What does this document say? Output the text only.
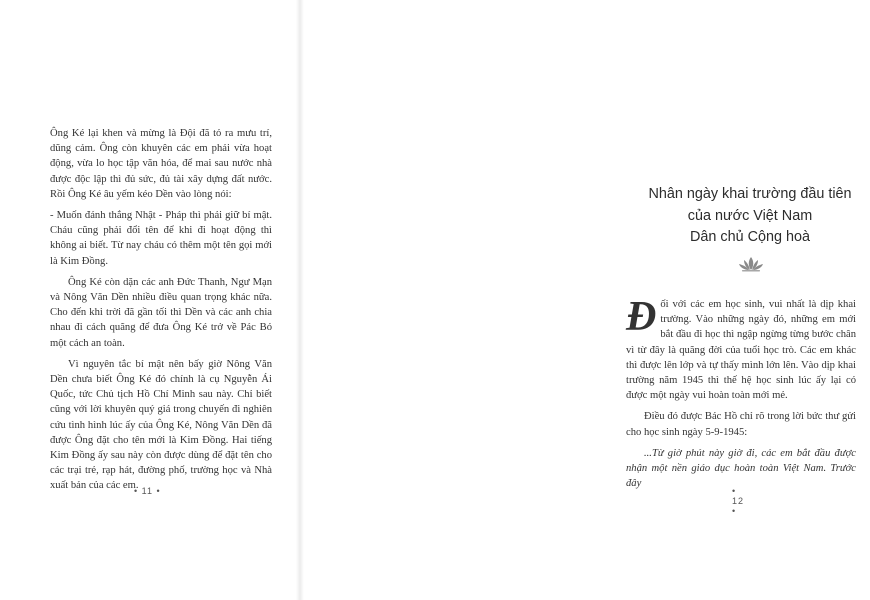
Ông Ké lại khen và mừng là Đội đã tỏ ra mưu trí, dũng cảm. Ông còn khuyên các em phải vừa hoạt động, vừa lo học tập văn hóa, để mai sau nước nhà được độc lập thì đủ sức, đủ tài xây dựng đất nước. Rồi Ông Ké âu yếm kéo Dền vào lòng nói:

- Muốn đánh thắng Nhật - Pháp thì phải giữ bí mật. Cháu cũng phải đổi tên để khi đi hoạt động thì không ai biết. Từ nay cháu có thêm một tên gọi mới là Kim Đồng.

Ông Ké còn dặn các anh Đức Thanh, Ngư Mạn và Nông Văn Dền nhiều điều quan trọng khác nữa. Cho đến khi trời đã gần tối thì Dền và các anh chia nhau đi cách quãng để đưa Ông Ké trở về Pác Bó một cách an toàn.

Vì nguyên tắc bí mật nên bấy giờ Nông Văn Dền chưa biết Ông Ké đó chính là cụ Nguyễn Ái Quốc, tức Chủ tịch Hồ Chí Minh sau này. Chỉ biết cũng với lời khuyên quý giá trong chuyến đi nghiên cứu tình hình lúc ấy của Ông Ké, Nông Văn Dền đã được Ông đặt cho tên mới là Kim Đồng. Hai tiếng Kim Đồng ấy sau này còn được dùng để đặt tên cho các trại trẻ, rạp hát, đường phố, trường học và Nhà xuất bản của các em.

• 11 •
Nhân ngày khai trường đầu tiên
của nước Việt Nam
Dân chủ Cộng hoà

Đối với các em học sinh, vui nhất là dịp khai trường. Vào những ngày đó, những em mới bắt đầu đi học thì ngập ngừng từng bước chân vì từ đây là quãng đời của tuổi học trò. Các em khác thì được lên lớp và tự thấy mình lớn lên. Vào dịp khai trường năm 1945 thì thế hệ học sinh lúc ấy lại có được một ngày vui hoàn toàn mới mẻ.

Điều đó được Bác Hồ chỉ rõ trong lời bức thư gửi cho học sinh ngày 5-9-1945:

...Từ giờ phút này giờ đi, các em bắt đầu được nhận một nền giáo dục hoàn toàn Việt Nam. Trước đây

• 12 •
